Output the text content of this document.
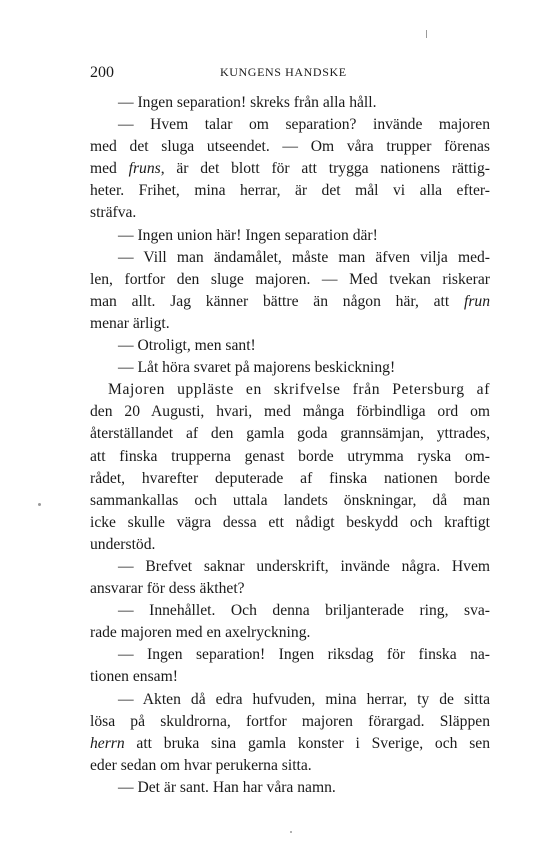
200	KUNGENS HANDSKE
— Ingen separation! skreks från alla håll.
— Hvem talar om separation? invände majoren
med det sluga utseendet. — Om våra trupper förenas
med fruns, är det blott för att trygga nationens rättig-
heter. Frihet, mina herrar, är det mål vi alla efter-
sträfva.
— Ingen union här! Ingen separation där!
— Vill man ändamålet, måste man äfven vilja med-
len, fortfor den sluge majoren. — Med tvekan riskerar
man allt. Jag känner bättre än någon här, att frun
menar ärligt.
— Otroligt, men sant!
— Låt höra svaret på majorens beskickning!
Majoren uppläste en skrifvelse från Petersburg af
den 20 Augusti, hvari, med många förbindliga ord om
återställandet af den gamla goda grannsämjan, yttrades,
att finska trupperna genast borde utrymma ryska om-
rådet, hvarefter deputerade af finska nationen borde
sammankallas och uttala landets önskningar, då man
icke skulle vägra dessa ett nådigt beskydd och kraftigt
understöd.
— Brefvet saknar underskrift, invände några. Hvem
ansvarar för dess äkthet?
— Innehållet. Och denna briljanterade ring, sva-
rade majoren med en axelryckning.
— Ingen separation! Ingen riksdag för finska na-
tionen ensam!
— Akten då edra hufvuden, mina herrar, ty de sitta
lösa på skuldrorna, fortfor majoren förargad. Släppen
herrn att bruka sina gamla konster i Sverige, och sen
eder sedan om hvar perukerna sitta.
— Det är sant. Han har våra namn.
